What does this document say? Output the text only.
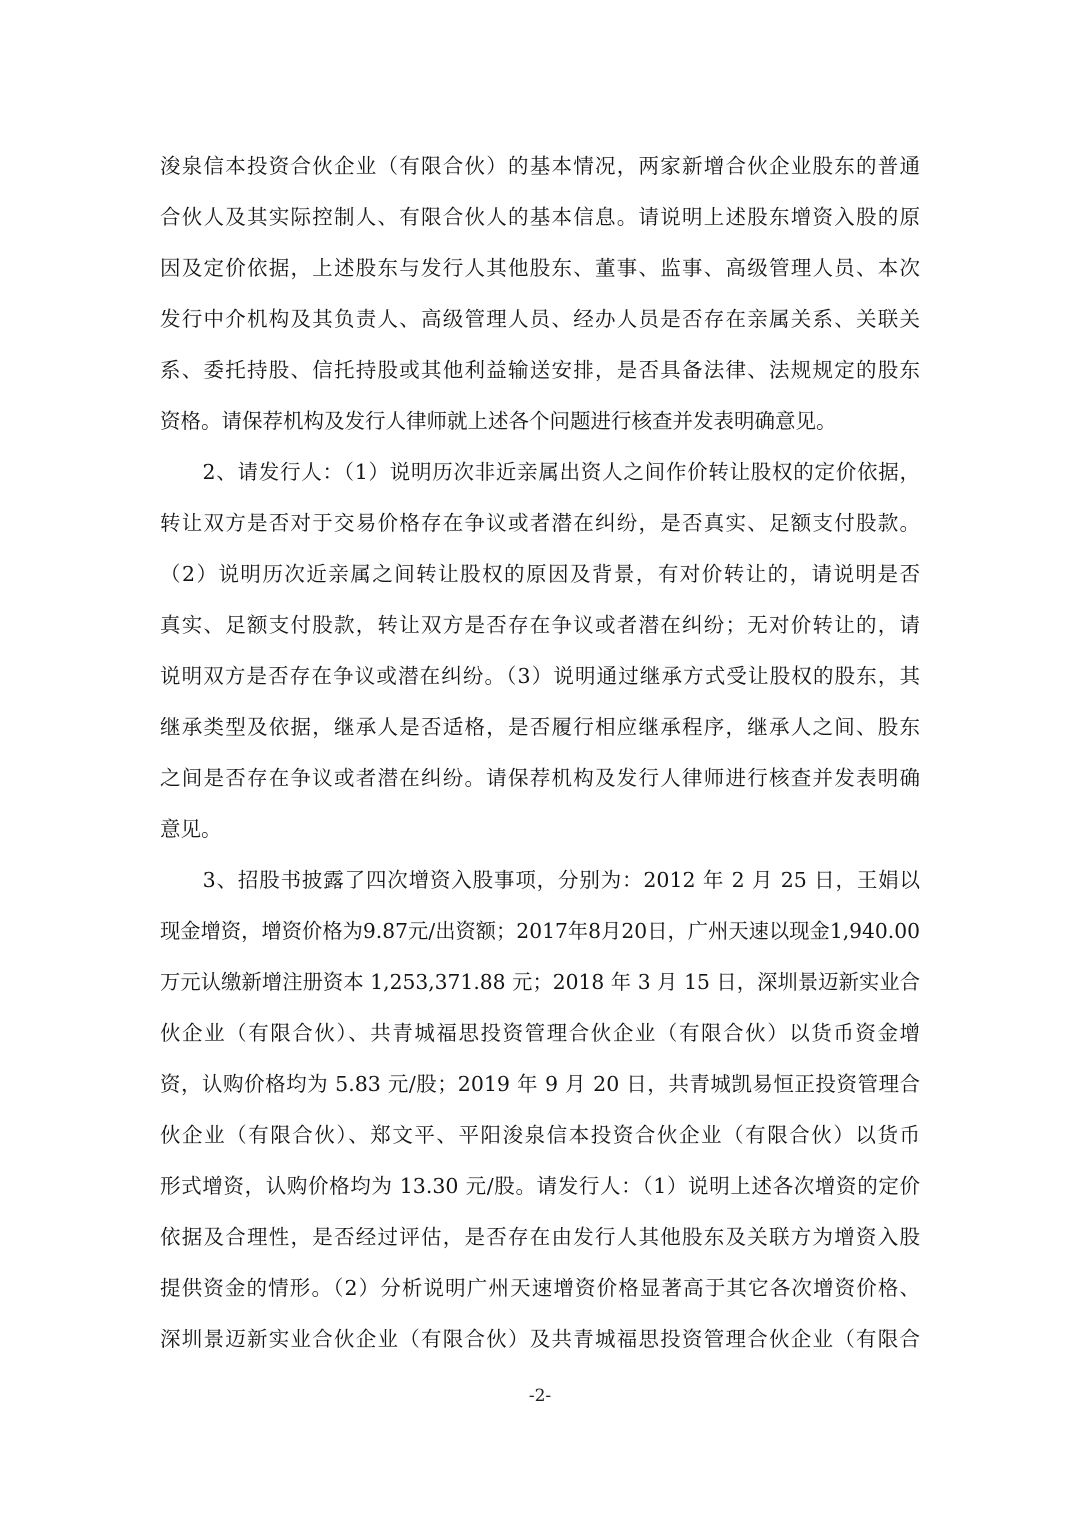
浚泉信本投资合伙企业（有限合伙）的基本情况，两家新增合伙企业股东的普通
合伙人及其实际控制人、有限合伙人的基本信息。请说明上述股东增资入股的原
因及定价依据，上述股东与发行人其他股东、董事、监事、高级管理人员、本次
发行中介机构及其负责人、高级管理人员、经办人员是否存在亲属关系、关联关
系、委托持股、信托持股或其他利益输送安排，是否具备法律、法规规定的股东
资格。请保荐机构及发行人律师就上述各个问题进行核查并发表明确意见。
　　2、请发行人：（1）说明历次非近亲属出资人之间作价转让股权的定价依据，
转让双方是否对于交易价格存在争议或者潜在纠纷，是否真实、足额支付股款。
（2）说明历次近亲属之间转让股权的原因及背景，有对价转让的，请说明是否
真实、足额支付股款，转让双方是否存在争议或者潜在纠纷；无对价转让的，请
说明双方是否存在争议或潜在纠纷。（3）说明通过继承方式受让股权的股东，其
继承类型及依据，继承人是否适格，是否履行相应继承程序，继承人之间、股东
之间是否存在争议或者潜在纠纷。请保荐机构及发行人律师进行核查并发表明确
意见。
　　3、招股书披露了四次增资入股事项，分别为：2012 年 2 月 25 日，王娟以
现金增资，增资价格为9.87元/出资额；2017年8月20日，广州天速以现金1,940.00
万元认缴新增注册资本 1,253,371.88 元；2018 年 3 月 15 日，深圳景迈新实业合
伙企业（有限合伙）、共青城福思投资管理合伙企业（有限合伙）以货币资金增
资，认购价格均为 5.83 元/股；2019 年 9 月 20 日，共青城凯易恒正投资管理合
伙企业（有限合伙）、郑文平、平阳浚泉信本投资合伙企业（有限合伙）以货币
形式增资，认购价格均为 13.30 元/股。请发行人：（1）说明上述各次增资的定价
依据及合理性，是否经过评估，是否存在由发行人其他股东及关联方为增资入股
提供资金的情形。（2）分析说明广州天速增资价格显著高于其它各次增资价格、
深圳景迈新实业合伙企业（有限合伙）及共青城福思投资管理合伙企业（有限合
-2-
